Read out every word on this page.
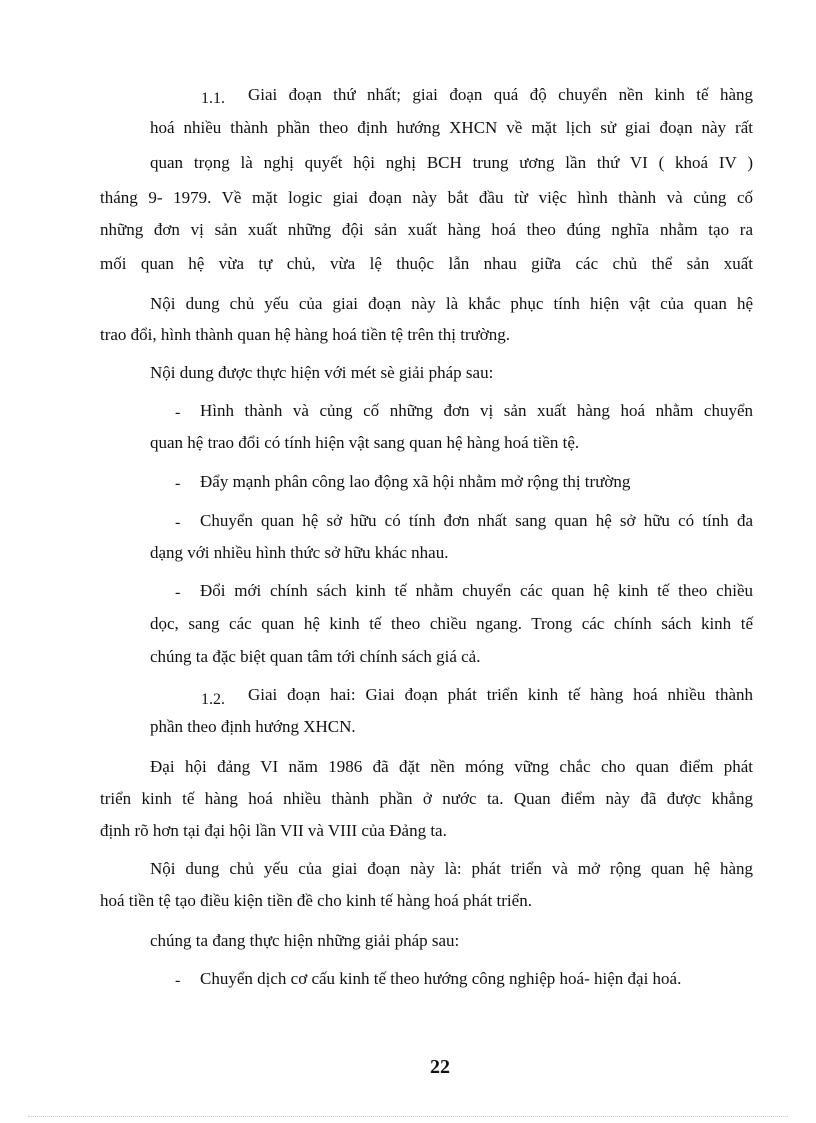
1.1. Giai đoạn thứ nhất; giai đoạn quá độ chuyển nền kinh tế hàng
hoá nhiều thành phần theo định hướng XHCN về mặt lịch sử giai đoạn này rất
quan trọng là nghị quyết hội nghị BCH trung ương lần thứ VI ( khoá IV )
tháng 9- 1979. Về mặt logic giai đoạn này bắt đầu từ việc hình thành và củng cố
những đơn vị sản xuất những đội sản xuất hàng hoá theo đúng nghĩa nhằm tạo ra
mối quan hệ vừa tự chủ, vừa lệ thuộc lẫn nhau giữa các chủ thể sản xuất
Nội dung chủ yếu của giai đoạn này là khắc phục tính hiện vật của quan hệ
trao đổi, hình thành quan hệ hàng hoá tiền tệ trên thị trường.
Nội dung được thực hiện với mét sè giải pháp sau:
- Hình thành và củng cố những đơn vị sản xuất hàng hoá nhằm chuyển
quan hệ trao đổi có tính hiện vật sang quan hệ hàng hoá tiền tệ.
- Đẩy mạnh phân công lao động xã hội nhằm mở rộng thị trường
- Chuyển quan hệ sở hữu có tính đơn nhất sang quan hệ sở hữu có tính đa
dạng với nhiều hình thức sở hữu khác nhau.
- Đổi mới chính sách kinh tế nhằm chuyển các quan hệ kinh tế theo chiều
dọc, sang các quan hệ kinh tế theo chiều ngang. Trong các chính sách kinh tế
chúng ta đặc biệt quan tâm tới chính sách giá cả.
1.2. Giai đoạn hai: Giai đoạn phát triển kinh tế hàng hoá nhiều thành
phần theo định hướng XHCN.
Đại hội đảng VI năm 1986 đã đặt nền móng vững chắc cho quan điểm phát
triển kinh tế hàng hoá nhiều thành phần ở nước ta. Quan điểm này đã được khẳng
định rõ hơn tại đại hội lần VII và VIII của Đảng ta.
Nội dung chủ yếu của giai đoạn này là: phát triển và mở rộng quan hệ hàng
hoá tiền tệ tạo điều kiện tiền đề cho kinh tế hàng hoá phát triển.
chúng ta đang thực hiện những giải pháp sau:
- Chuyển dịch cơ cấu kinh tế theo hướng công nghiệp hoá- hiện đại hoá.
22
